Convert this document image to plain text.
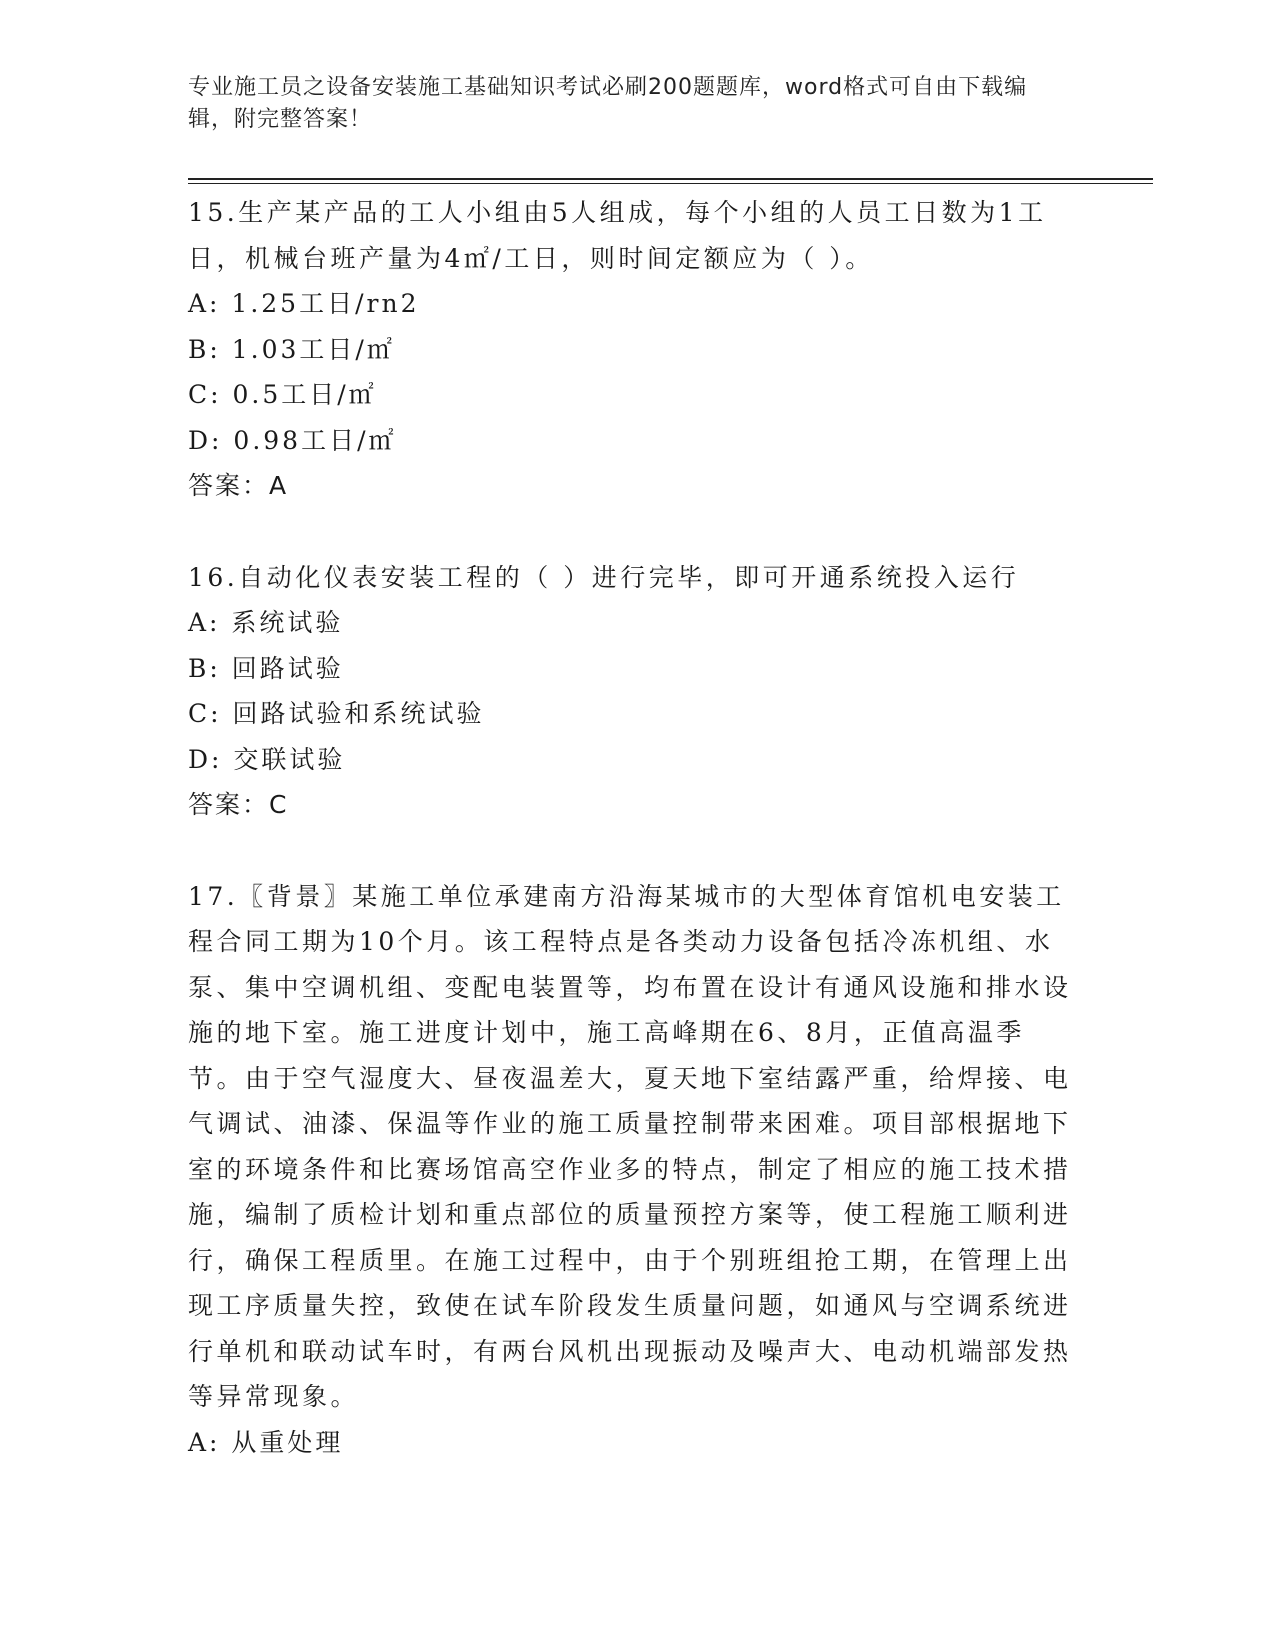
专业施工员之设备安装施工基础知识考试必刷200题题库，word格式可自由下载编辑，附完整答案！

15.生产某产品的工人小组由5人组成，每个小组的人员工日数为1工日，机械台班产量为4㎡/工日，则时间定额应为（ ）。

A: 1.25工日/rn2

B: 1.03工日/㎡

C: 0.5工日/㎡

D: 0.98工日/㎡

答案：A

16.自动化仪表安装工程的（ ）进行完毕，即可开通系统投入运行

A: 系统试验

B: 回路试验

C: 回路试验和系统试验

D: 交联试验

答案：C

17.〖背景〗某施工单位承建南方沿海某城市的大型体育馆机电安装工程合同工期为10个月。该工程特点是各类动力设备包括冷冻机组、水泵、集中空调机组、变配电装置等，均布置在设计有通风设施和排水设施的地下室。施工进度计划中，施工高峰期在6、8月，正值高温季节。由于空气湿度大、昼夜温差大，夏天地下室结露严重，给焊接、电气调试、油漆、保温等作业的施工质量控制带来困难。项目部根据地下室的环境条件和比赛场馆高空作业多的特点，制定了相应的施工技术措施，编制了质检计划和重点部位的质量预控方案等，使工程施工顺利进行，确保工程质里。在施工过程中，由于个别班组抢工期，在管理上出现工序质量失控，致使在试车阶段发生质量问题，如通风与空调系统进行单机和联动试车时，有两台风机出现振动及噪声大、电动机端部发热等异常现象。

A: 从重处理
